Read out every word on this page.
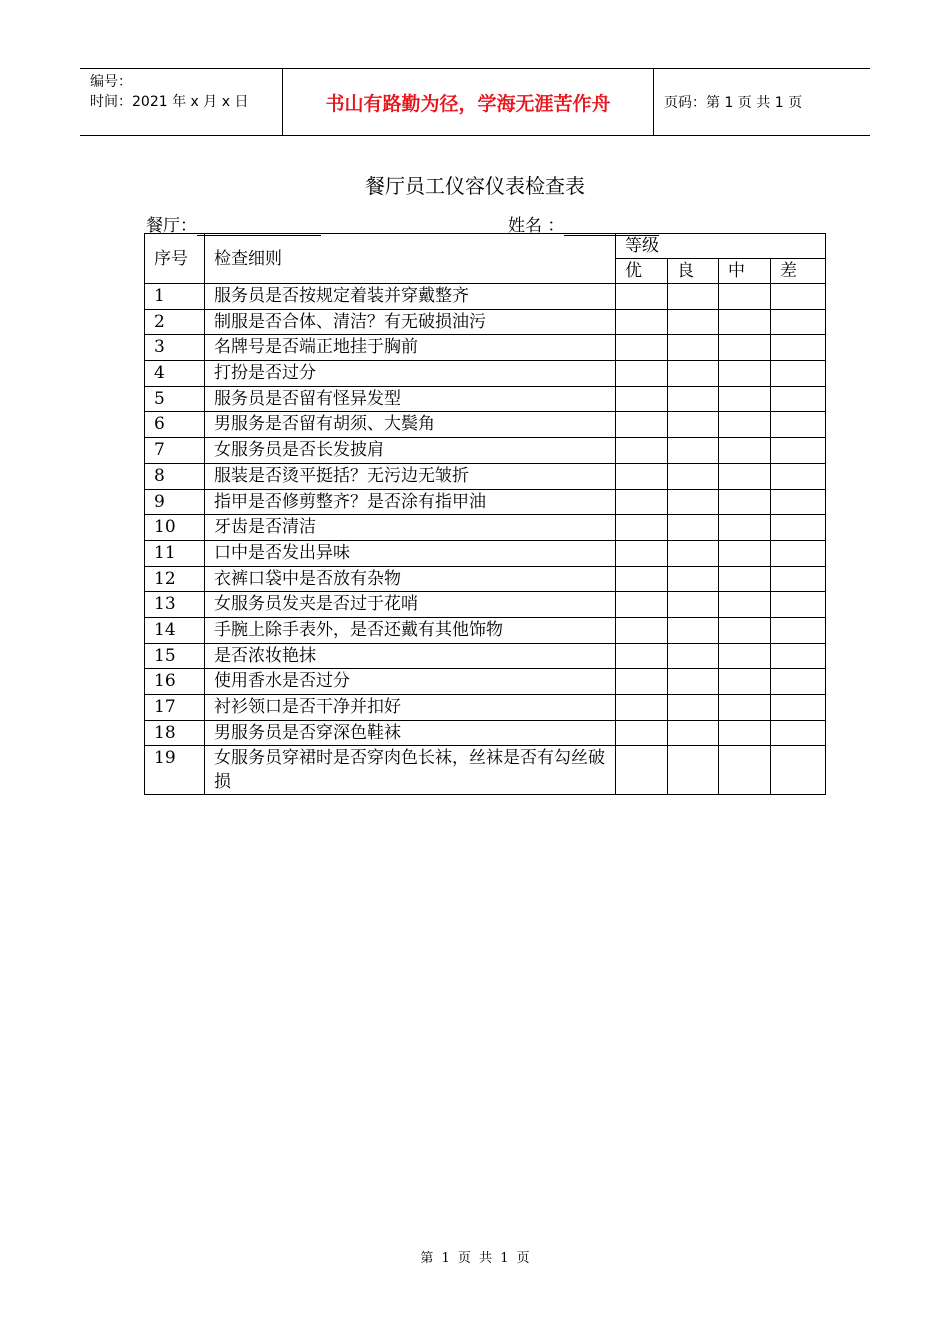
编号：
时间：2021 年 x 月 x 日	书山有路勤为径，学海无涯苦作舟	页码：第 1 页 共 1 页
餐厅员工仪容仪表检查表
餐厅：	姓名 ：
序号	检查细则	等级			
		优	良	中	差
1	服务员是否按规定着装并穿戴整齐				
2	制服是否合体、清洁？有无破损油污				
3	名牌号是否端正地挂于胸前				
4	打扮是否过分				
5	服务员是否留有怪异发型				
6	男服务是否留有胡须、大鬓角				
7	女服务员是否长发披肩				
8	服装是否烫平挺括？无污边无皱折				
9	指甲是否修剪整齐？是否涂有指甲油				
10	牙齿是否清洁				
11	口中是否发出异味				
12	衣裤口袋中是否放有杂物				
13	女服务员发夹是否过于花哨				
14	手腕上除手表外，是否还戴有其他饰物				
15	是否浓妆艳抹				
16	使用香水是否过分				
17	衬衫领口是否干净并扣好				
18	男服务员是否穿深色鞋袜				
19	女服务员穿裙时是否穿肉色长袜，丝袜是否有勾丝破损				
第 1 页 共 1 页
